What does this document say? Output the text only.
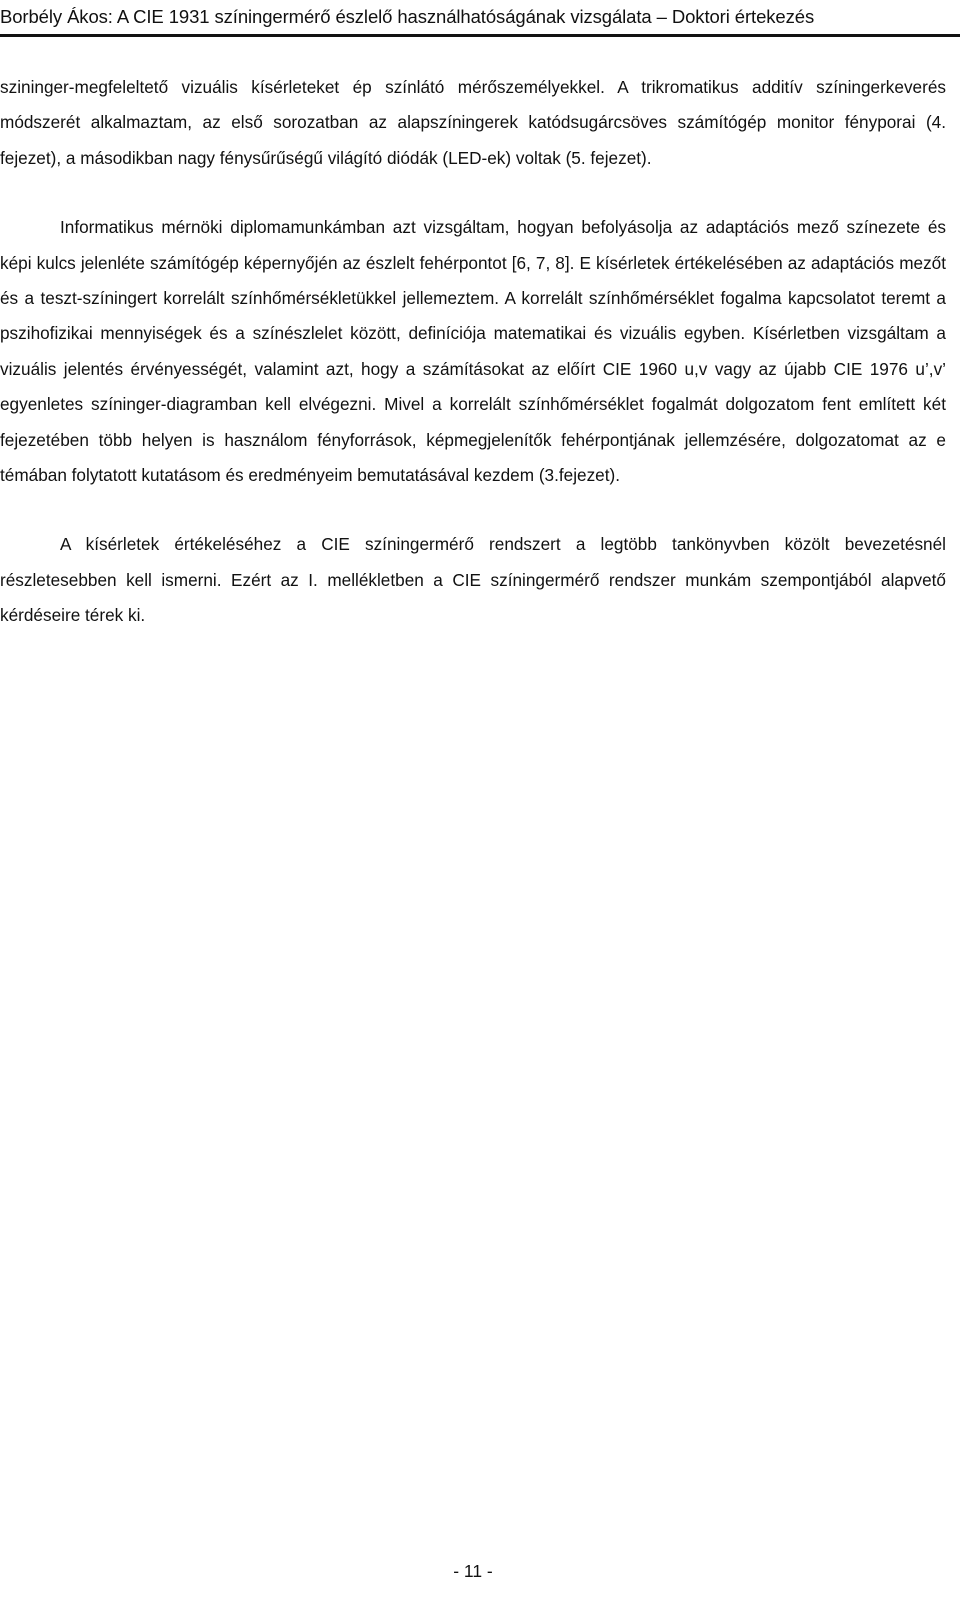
Borbély Ákos: A CIE 1931 színingermérő észlelő használhatóságának vizsgálata – Doktori értekezés

szininger-megfeleltető vizuális kísérleteket ép színlátó mérőszemélyekkel. A trikromatikus additív színingerkeverés módszerét alkalmaztam, az első sorozatban az alapszíningerek katódsugárcsöves számítógép monitor fényporai (4. fejezet), a másodikban nagy fénysűrűségű világító diódák (LED-ek) voltak (5. fejezet).

Informatikus mérnöki diplomamunkámban azt vizsgáltam, hogyan befolyásolja az adaptációs mező színezete és képi kulcs jelenléte számítógép képernyőjén az észlelt fehérpontot [6, 7, 8]. E kísérletek értékelésében az adaptációs mezőt és a teszt-színingert korrelált színhőmérsékletükkel jellemeztem. A korrelált színhőmérséklet fogalma kapcsolatot teremt a pszihofizikai mennyiségek és a színészlelet között, definíciója matematikai és vizuális egyben. Kísérletben vizsgáltam a vizuális jelentés érvényességét, valamint azt, hogy a számításokat az előírt CIE 1960 u,v vagy az újabb CIE 1976 u’,v’ egyenletes színinger-diagramban kell elvégezni. Mivel a korrelált színhőmérséklet fogalmát dolgozatom fent említett két fejezetében több helyen is használom fényforrások, képmegjelenítők fehérpontjának jellemzésére, dolgozatomat az e témában folytatott kutatásom és eredményeim bemutatásával kezdem (3.fejezet).

A kísérletek értékeléséhez a CIE színingermérő rendszert a legtöbb tankönyvben közölt bevezetésnél részletesebben kell ismerni. Ezért az I. mellékletben a CIE színingermérő rendszer munkám szempontjából alapvető kérdéseire térek ki.

- 11 -
